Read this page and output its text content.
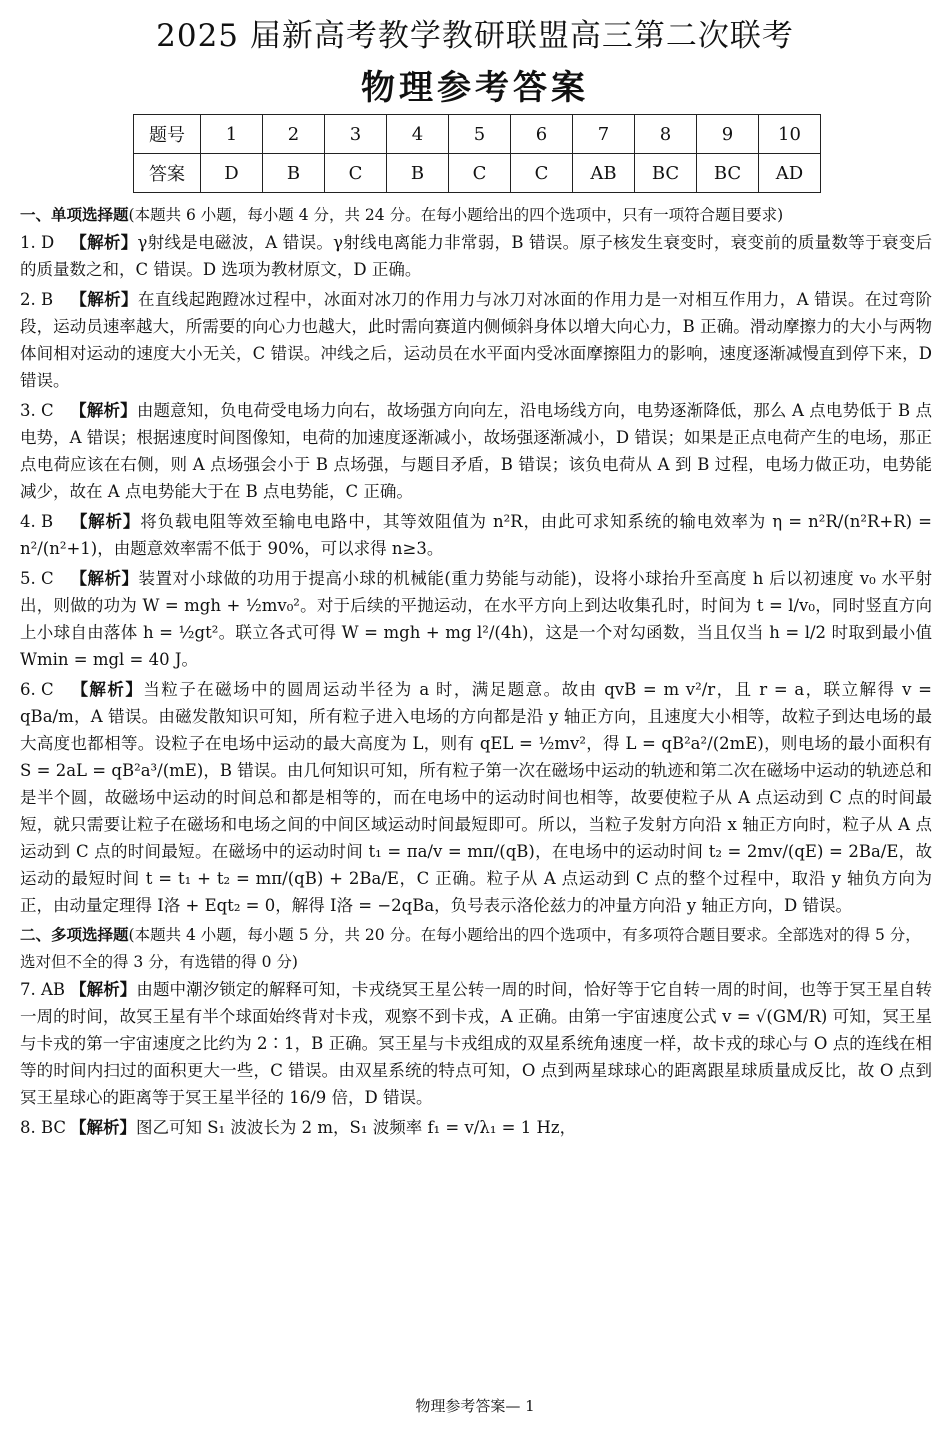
2025 届新高考教学教研联盟高三第二次联考
物理参考答案
题号	1	2	3	4	5	6	7	8	9	10
答案	D	B	C	B	C	C	AB	BC	BC	AD
一、单项选择题(本题共 6 小题，每小题 4 分，共 24 分。在每小题给出的四个选项中，只有一项符合题目要求)
1. D 【解析】γ射线是电磁波，A 错误。γ射线电离能力非常弱，B 错误。原子核发生衰变时，衰变前的质量数等于衰变后的质量数之和，C 错误。D 选项为教材原文，D 正确。
2. B 【解析】在直线起跑蹬冰过程中，冰面对冰刀的作用力与冰刀对冰面的作用力是一对相互作用力，A 错误。在过弯阶段，运动员速率越大，所需要的向心力也越大，此时需向赛道内侧倾斜身体以增大向心力，B 正确。滑动摩擦力的大小与两物体间相对运动的速度大小无关，C 错误。冲线之后，运动员在水平面内受冰面摩擦阻力的影响，速度逐渐减慢直到停下来，D 错误。
3. C 【解析】由题意知，负电荷受电场力向右，故场强方向向左，沿电场线方向，电势逐渐降低，那么 A 点电势低于 B 点电势，A 错误；根据速度时间图像知，电荷的加速度逐渐减小，故场强逐渐减小，D 错误；如果是正点电荷产生的电场，那正点电荷应该在右侧，则 A 点场强会小于 B 点场强，与题目矛盾，B 错误；该负电荷从 A 到 B 过程，电场力做正功，电势能减少，故在 A 点电势能大于在 B 点电势能，C 正确。
4. B 【解析】将负载电阻等效至输电电路中，其等效阻值为 n²R，由此可求知系统的输电效率为 η = n²R/(n²R+R) = n²/(n²+1)，由题意效率需不低于 90%，可以求得 n≥3。
5. C 【解析】装置对小球做的功用于提高小球的机械能(重力势能与动能)，设将小球抬升至高度 h 后以初速度 v₀ 水平射出，则做的功为 W = mgh + ½mv₀²。对于后续的平抛运动，在水平方向上到达收集孔时，时间为 t = l/v₀，同时竖直方向上小球自由落体 h = ½gt²。联立各式可得 W = mgh + mg l²/(4h)，这是一个对勾函数，当且仅当 h = l/2 时取到最小值 Wmin = mgl = 40 J。
6. C 【解析】当粒子在磁场中的圆周运动半径为 a 时，满足题意。故由 qvB = m v²/r，且 r = a，联立解得 v = qBa/m，A 错误。由磁发散知识可知，所有粒子进入电场的方向都是沿 y 轴正方向，且速度大小相等，故粒子到达电场的最大高度也都相等。设粒子在电场中运动的最大高度为 L，则有 qEL = ½mv²，得 L = qB²a²/(2mE)，则电场的最小面积有 S = 2aL = qB²a³/(mE)，B 错误。由几何知识可知，所有粒子第一次在磁场中运动的轨迹和第二次在磁场中运动的轨迹总和是半个圆，故磁场中运动的时间总和都是相等的，而在电场中的运动时间也相等，故要使粒子从 A 点运动到 C 点的时间最短，就只需要让粒子在磁场和电场之间的中间区域运动时间最短即可。所以，当粒子发射方向沿 x 轴正方向时，粒子从 A 点运动到 C 点的时间最短。在磁场中的运动时间 t₁ = πa/v = mπ/(qB)，在电场中的运动时间 t₂ = 2mv/(qE) = 2Ba/E，故运动的最短时间 t = t₁ + t₂ = mπ/(qB) + 2Ba/E，C 正确。粒子从 A 点运动到 C 点的整个过程中，取沿 y 轴负方向为正，由动量定理得 I洛 + Eqt₂ = 0，解得 I洛 = −2qBa，负号表示洛伦兹力的冲量方向沿 y 轴正方向，D 错误。
二、多项选择题(本题共 4 小题，每小题 5 分，共 20 分。在每小题给出的四个选项中，有多项符合题目要求。全部选对的得 5 分，选对但不全的得 3 分，有选错的得 0 分)
7. AB 【解析】由题中潮汐锁定的解释可知，卡戎绕冥王星公转一周的时间，恰好等于它自转一周的时间，也等于冥王星自转一周的时间，故冥王星有半个球面始终背对卡戎，观察不到卡戎，A 正确。由第一宇宙速度公式 v = √(GM/R) 可知，冥王星与卡戎的第一宇宙速度之比约为 2∶1，B 正确。冥王星与卡戎组成的双星系统角速度一样，故卡戎的球心与 O 点的连线在相等的时间内扫过的面积更大一些，C 错误。由双星系统的特点可知，O 点到两星球球心的距离跟星球质量成反比，故 O 点到冥王星球心的距离等于冥王星半径的 16/9 倍，D 错误。
8. BC 【解析】图乙可知 S₁ 波波长为 2 m，S₁ 波频率 f₁ = v/λ₁ = 1 Hz，
物理参考答案— 1
